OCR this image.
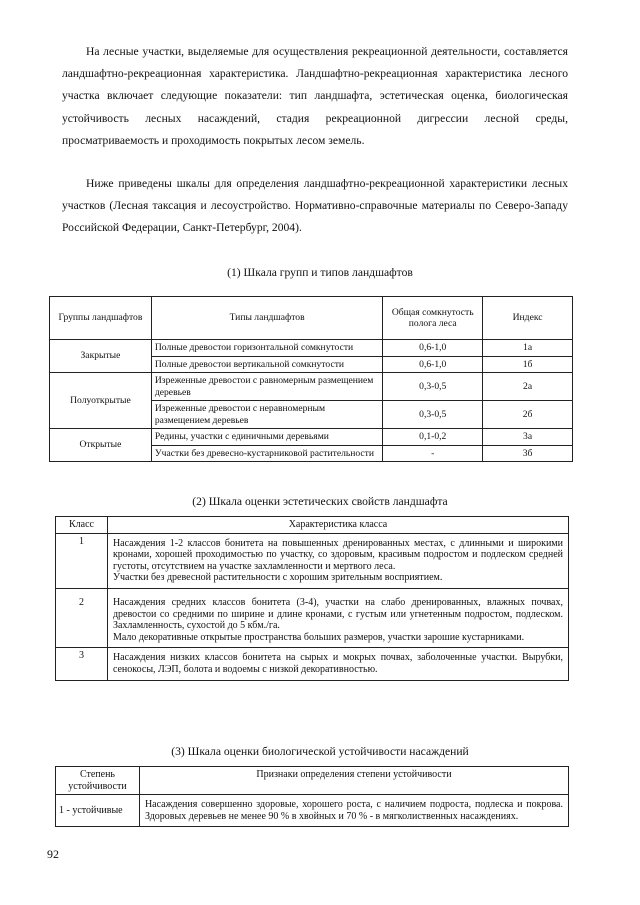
На лесные участки, выделяемые для осуществления рекреационной деятельности, составляется ландшафтно-рекреационная характеристика. Ландшафтно-рекреационная характеристика лесного участка включает следующие показатели: тип ландшафта, эстетическая оценка, биологическая устойчивость лесных насаждений, стадия рекреационной дигрессии лесной среды, просматриваемость и проходимость покрытых лесом земель.

Ниже приведены шкалы для определения ландшафтно-рекреационной характеристики лесных участков (Лесная таксация и лесоустройство. Нормативно-справочные материалы по Северо-Западу Российской Федерации, Санкт-Петербург, 2004).

(1) Шкала групп и типов ландшафтов
Группы ландшафтов	Типы ландшафтов	Общая сомкнутость полога леса	Индекс
Закрытые	Полные древостои горизонтальной сомкнутости	0,6-1,0	1а
	Полные древостои вертикальной сомкнутости	0,6-1,0	1б
Полуоткрытые	Изреженные древостои с равномерным размещением деревьев	0,3-0,5	2а
	Изреженные древостои с неравномерным размещением деревьев	0,3-0,5	2б
Открытые	Редины, участки с единичными деревьями	0,1-0,2	3а
	Участки без древесно-кустарниковой растительности	-	3б
(2) Шкала оценки эстетических свойств ландшафта
Класс	Характеристика класса
1	Насаждения 1-2 классов бонитета на повышенных дренированных местах, с длинными и широкими кронами, хорошей проходимостью по участку, со здоровым, красивым подростом и подлеском средней густоты, отсутствием на участке захламленности и мертвого леса.
Участки без древесной растительности с хорошим зрительным восприятием.

2	Насаждения средних классов бонитета (3-4), участки на слабо дренированных, влажных почвах, древостои со средними по ширине и длине кронами, с густым или угнетенным подростом, подлеском. Захламленность, сухостой до 5 кбм./га.
Мало декоративные открытые пространства больших размеров, участки зарошие кустарниками.

3	Насаждения низких классов бонитета на сырых и мокрых почвах, заболоченные участки. Вырубки, сенокосы, ЛЭП, болота и водоемы с низкой декоративностью.
(3) Шкала оценки биологической устойчивости насаждений
Степень устойчивости	Признаки определения степени устойчивости
1 - устойчивые	Насаждения совершенно здоровые, хорошего роста, с наличием подроста, подлеска и покрова. Здоровых деревьев не менее 90 % в хвойных и 70 % - в мягколиственных насаждениях.
92
